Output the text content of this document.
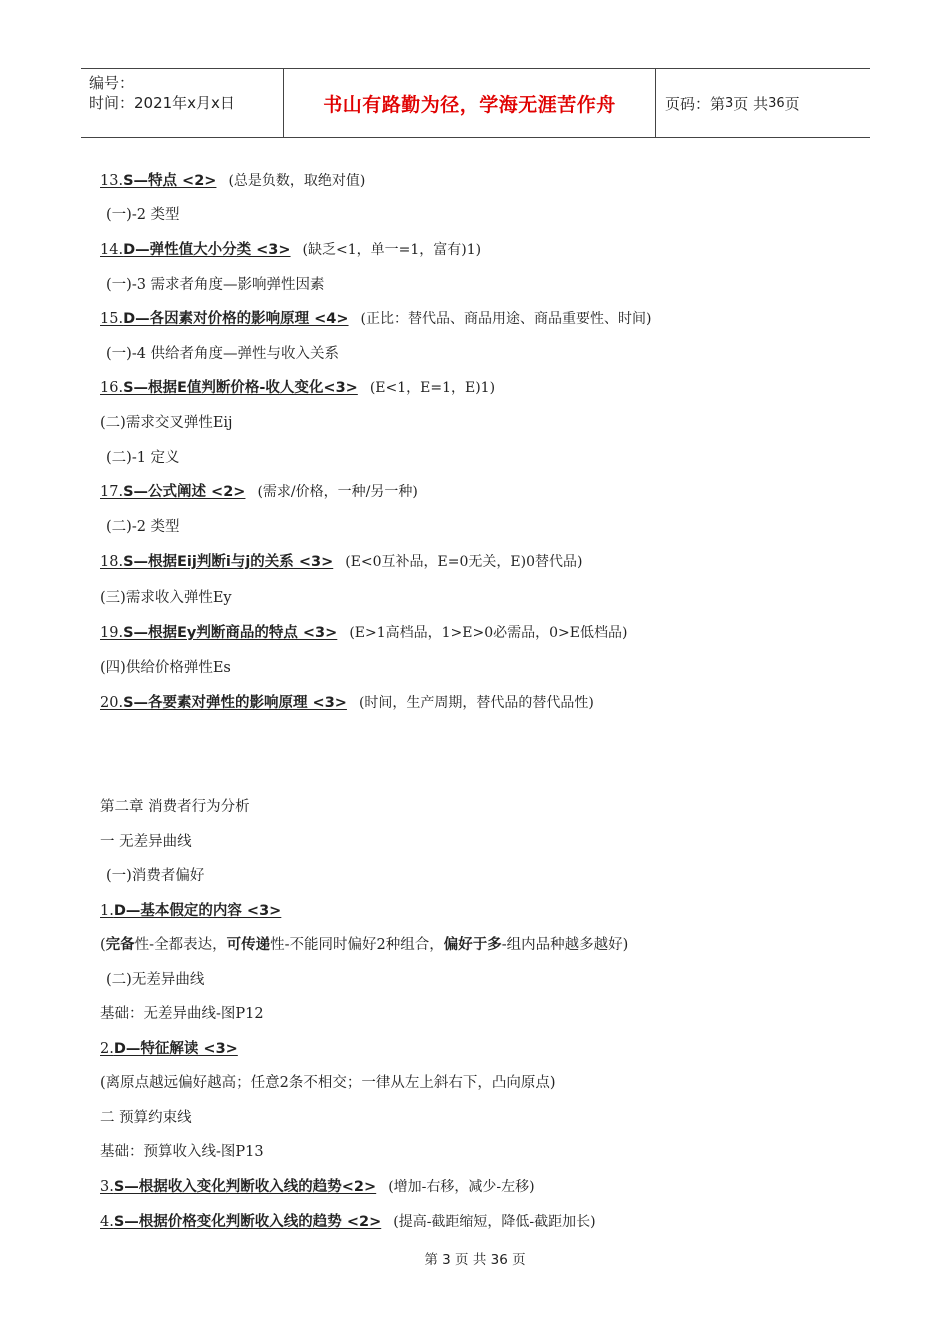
编号：
时间：2021年x月x日	书山有路勤为径，学海无涯苦作舟	页码：第 3 页 共 36 页
13.S—特点 <2> (总是负数，取绝对值)
(一)-2 类型
14.D—弹性值大小分类 <3> (缺乏<1，单一=1，富有)1)
(一)-3 需求者角度—影响弹性因素
15.D—各因素对价格的影响原理 <4> (正比：替代品、商品用途、商品重要性、时间)
(一)-4 供给者角度—弹性与收入关系
16.S—根据E值判断价格-收人变化<3> (E<1，E=1，E)1)
(二)需求交叉弹性Eij
(二)-1 定义
17.S—公式阐述 <2> (需求/价格，一种/另一种)
(二)-2 类型
18.S—根据Eij判断i与j的关系 <3> (E<0互补品，E=0无关，E)0替代品)
(三)需求收入弹性Ey
19.S—根据Ey判断商品的特点 <3> (E>1高档品，1>E>0必需品，0>E低档品)
(四)供给价格弹性Es
20.S—各要素对弹性的影响原理 <3> (时间，生产周期，替代品的替代品性)
第二章 消费者行为分析
一 无差异曲线
(一)消费者偏好
1.D—基本假定的内容 <3>
(完备性-全都表达，可传递性-不能同时偏好2种组合，偏好于多-组内品种越多越好)
(二)无差异曲线
基础：无差异曲线-图P12
2.D—特征解读 <3>
(离原点越远偏好越高；任意2条不相交；一律从左上斜右下，凸向原点)
二 预算约束线
基础：预算收入线-图P13
3.S—根据收入变化判断收入线的趋势<2> (增加-右移，减少-左移)
4.S—根据价格变化判断收入线的趋势 <2> (提高-截距缩短，降低-截距加长)
第 3 页 共 36 页
